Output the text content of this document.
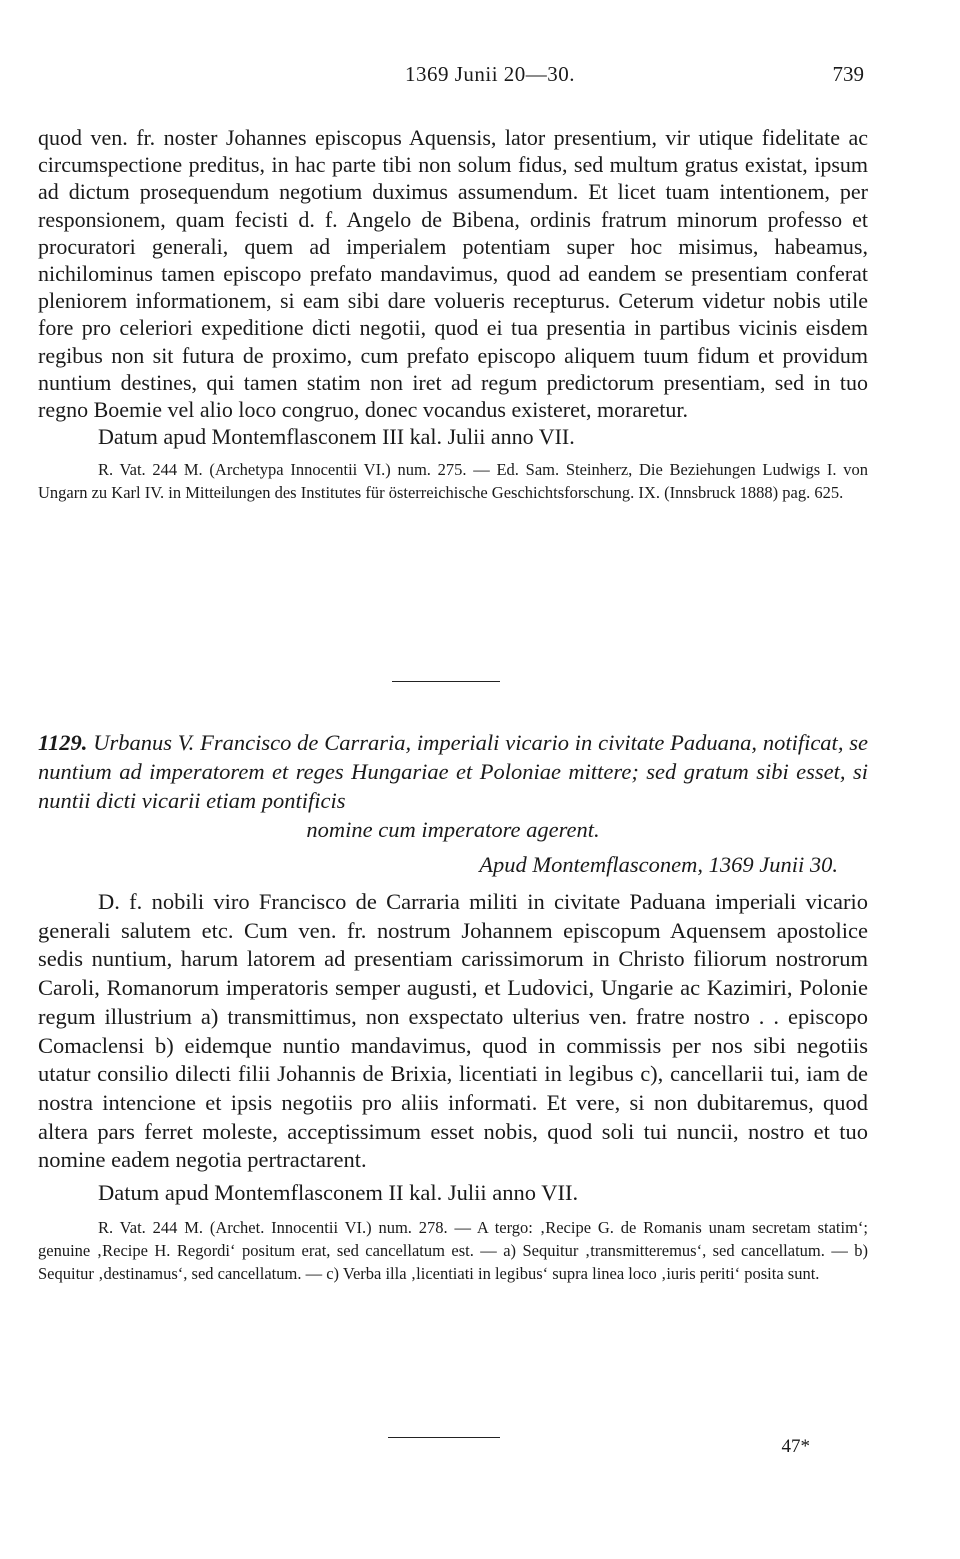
1369 Junii 20—30.	739

quod ven. fr. noster Johannes episcopus Aquensis, lator presentium, vir utique fidelitate ac circumspectione preditus, in hac parte tibi non solum fidus, sed multum gratus existat, ipsum ad dictum prosequendum negotium duximus assumendum. Et licet tuam intentionem, per responsionem, quam fecisti d. f. Angelo de Bibena, ordinis fratrum minorum professo et procuratori generali, quem ad imperialem potentiam super hoc misimus, habeamus, nichilominus tamen episcopo prefato mandavimus, quod ad eandem se presentiam conferat pleniorem informationem, si eam sibi dare volueris recepturus. Ceterum videtur nobis utile fore pro celeriori expeditione dicti negotii, quod ei tua presentia in partibus vicinis eisdem regibus non sit futura de proximo, cum prefato episcopo aliquem tuum fidum et providum nuntium destines, qui tamen statim non iret ad regum predictorum presentiam, sed in tuo regno Boemie vel alio loco congruo, donec vocandus existeret, moraretur.

Datum apud Montemflasconem III kal. Julii anno VII.

R. Vat. 244 M. (Archetypa Innocentii VI.) num. 275. — Ed. Sam. Steinherz, Die Beziehungen Ludwigs I. von Ungarn zu Karl IV. in Mitteilungen des Institutes für österreichische Geschichtsforschung. IX. (Innsbruck 1888) pag. 625.

1129. Urbanus V. Francisco de Carraria, imperiali vicario in civitate Paduana, notificat, se nuntium ad imperatorem et reges Hungariae et Poloniae mittere; sed gratum sibi esset, si nuntii dicti vicarii etiam pontificis

nomine cum imperatore agerent.

Apud Montemflasconem, 1369 Junii 30.

D. f. nobili viro Francisco de Carraria militi in civitate Paduana imperiali vicario generali salutem etc. Cum ven. fr. nostrum Johannem episcopum Aquensem apostolice sedis nuntium, harum latorem ad presentiam carissimorum in Christo filiorum nostrorum Caroli, Romanorum imperatoris semper augusti, et Ludovici, Ungarie ac Kazimiri, Polonie regum illustrium a) transmittimus, non exspectato ulterius ven. fratre nostro . . episcopo Comaclensi b) eidemque nuntio mandavimus, quod in commissis per nos sibi negotiis utatur consilio dilecti filii Johannis de Brixia, licentiati in legibus c), cancellarii tui, iam de nostra intencione et ipsis negotiis pro aliis informati. Et vere, si non dubitaremus, quod altera pars ferret moleste, acceptissimum esset nobis, quod soli tui nuncii, nostro et tuo nomine eadem negotia pertractarent.

Datum apud Montemflasconem II kal. Julii anno VII.

R. Vat. 244 M. (Archet. Innocentii VI.) num. 278. — A tergo: ‚Recipe G. de Romanis unam secretam statim‘; genuine ‚Recipe H. Regordi‘ positum erat, sed cancellatum est. — a) Sequitur ‚transmitteremus‘, sed cancellatum. — b) Sequitur ‚destinamus‘, sed cancellatum. — c) Verba illa ‚licentiati in legibus‘ supra linea loco ‚iuris periti‘ posita sunt.

47*
